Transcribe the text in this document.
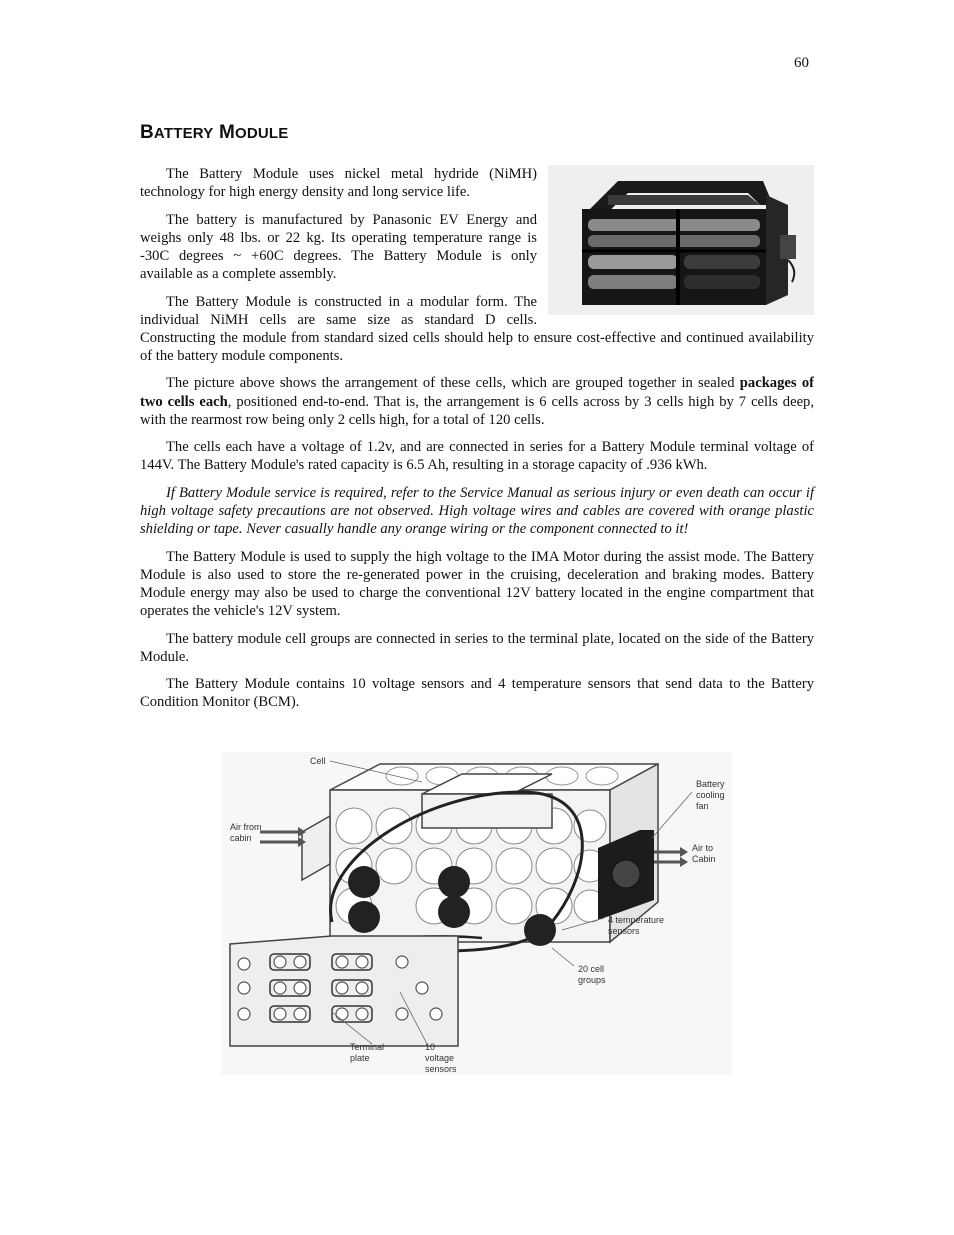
60
BATTERY MODULE

The Battery Module uses nickel metal hydride (NiMH) technology for high energy density and long service life.

The battery is manufactured by Panasonic EV Energy and weighs only 48 lbs. or 22 kg. Its operating temperature range is -30C degrees ~ +60C degrees. The Battery Module is only available as a complete assembly.

The Battery Module is constructed in a modular form. The individual NiMH cells are same size as standard D cells. Constructing the module from standard sized cells should help to ensure cost-effective and continued availability of the battery module components.

The picture above shows the arrangement of these cells, which are grouped together in sealed packages of two cells each, positioned end-to-end. That is, the arrangement is 6 cells across by 3 cells high by 7 cells deep, with the rearmost row being only 2 cells high, for a total of 120 cells.

The cells each have a voltage of 1.2v, and are connected in series for a Battery Module terminal voltage of 144V. The Battery Module's rated capacity is 6.5 Ah, resulting in a storage capacity of .936 kWh.

If Battery Module service is required, refer to the Service Manual as serious injury or even death can occur if high voltage safety precautions are not observed. High voltage wires and cables are covered with orange plastic shielding or tape. Never casually handle any orange wiring or the component connected to it!

The Battery Module is used to supply the high voltage to the IMA Motor during the assist mode. The Battery Module is also used to store the re-generated power in the cruising, deceleration and braking modes. Battery Module energy may also be used to charge the conventional 12V battery located in the engine compartment that operates the vehicle's 12V system.

The battery module cell groups are connected in series to the terminal plate, located on the side of the Battery Module.

The Battery Module contains 10 voltage sensors and 4 temperature sensors that send data to the Battery Condition Monitor (BCM).

Cell
Air from
cabin
Battery
cooling
fan
Air to
Cabin
4 temperature
sensors
20 cell
groups
Terminal
plate
10
voltage
sensors
